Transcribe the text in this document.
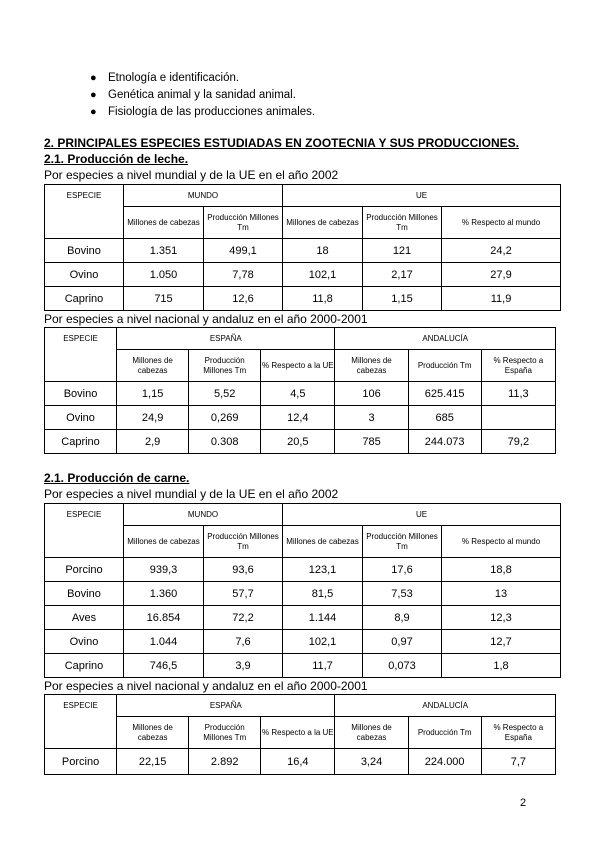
● Etnología e identificación.
● Genética animal y la sanidad animal.
● Fisiología de las producciones animales.
2. PRINCIPALES ESPECIES ESTUDIADAS EN ZOOTECNIA Y SUS PRODUCCIONES.
2.1. Producción de leche.
Por especies a nivel mundial y de la UE en el año 2002
ESPECIE	MUNDO		UE		
	Millones de cabezas	Producción Millones Tm	Millones de cabezas	Producción Millones Tm	% Respecto al mundo
Bovino	1.351	499,1	18	121	24,2
Ovino	1.050	7,78	102,1	2,17	27,9
Caprino	715	12,6	11,8	1,15	11,9
Por especies a nivel nacional y andaluz en el año 2000-2001
ESPECIE	ESPAÑA			ANDALUCÍA		
	Millones de cabezas	Producción Millones Tm	% Respecto a la UE	Millones de cabezas	Producción Tm	% Respecto a España
Bovino	1,15	5,52	4,5	106	625.415	11,3
Ovino	24,9	0,269	12,4	3	685	
Caprino	2,9	0.308	20,5	785	244.073	79,2
2.1. Producción de carne.
Por especies a nivel mundial y de la UE en el año 2002
ESPECIE	MUNDO		UE		
	Millones de cabezas	Producción Millones Tm	Millones de cabezas	Producción Millones Tm	% Respecto al mundo
Porcino	939,3	93,6	123,1	17,6	18,8
Bovino	1.360	57,7	81,5	7,53	13
Aves	16.854	72,2	1.144	8,9	12,3
Ovino	1.044	7,6	102,1	0,97	12,7
Caprino	746,5	3,9	11,7	0,073	1,8
Por especies a nivel nacional y andaluz en el año 2000-2001
ESPECIE	ESPAÑA			ANDALUCÍA		
	Millones de cabezas	Producción Millones Tm	% Respecto a la UE	Millones de cabezas	Producción Tm	% Respecto a España
Porcino	22,15	2.892	16,4	3,24	224.000	7,7
2
